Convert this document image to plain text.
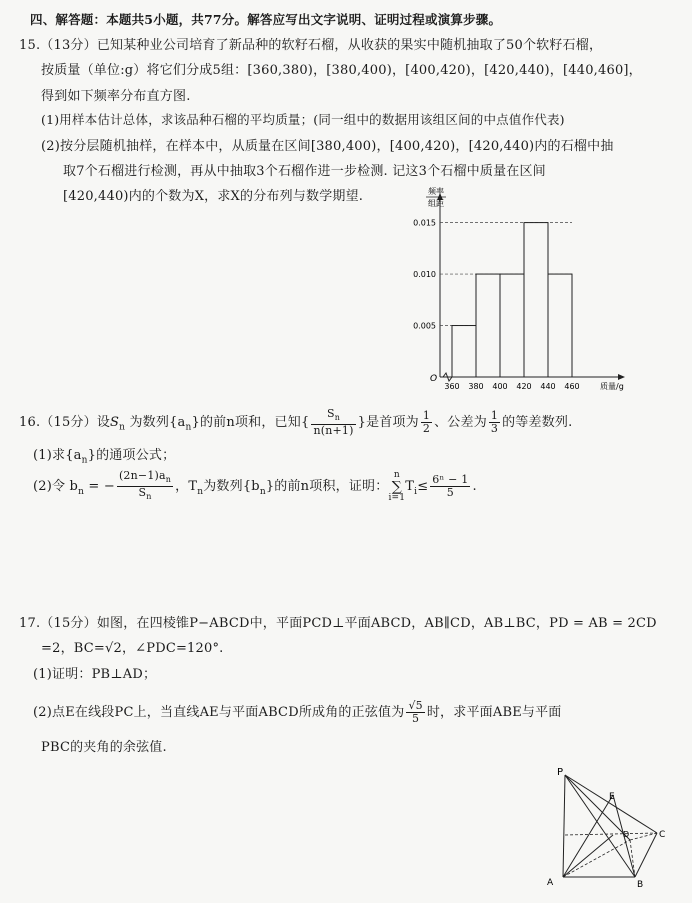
四、解答题：本题共5小题，共77分。解答应写出文字说明、证明过程或演算步骤。
15.（13分）已知某种业公司培育了新品种的软籽石榴，从收获的果实中随机抽取了50个软籽石榴，
按质量（单位:g）将它们分成5组：[360,380)，[380,400)，[400,420)，[420,440)，[440,460]，
得到如下频率分布直方图.
(1)用样本估计总体，求该品种石榴的平均质量；(同一组中的数据用该组区间的中点值作代表)
(2)按分层随机抽样，在样本中，从质量在区间[380,400)，[400,420)，[420,440)内的石榴中抽
取7个石榴进行检测，再从中抽取3个石榴作进一步检测. 记这3个石榴中质量在区间
[420,440)内的个数为X，求X的分布列与数学期望.
0.005
0.010
0.015
360 380 400 420 440 460
O
质量/g
频率
组距
16.（15分）设$S_n$ 为数列$\{a_n\}$的前n项和，已知{ $\frac{S_n}{n(n+1)}$ }是首项为 $\frac{1}{2}$ 、公差为 $\frac{1}{3}$ 的等差数列.
(1)求$\{a_n\}$的通项公式；
(2)令 $b_n$ = − $\frac{(2n-1)a_n}{S_n}$ ，$T_n$为数列$\{b_n\}$的前n项积，证明：
n
∑
i=1
$T_i\le \frac{\text{6ⁿ − 1}}{5}$ .
17.（15分）如图，在四棱锥P−ABCD中，平面PCD⊥平面ABCD，AB∥CD，AB⊥BC，PD = AB = 2CD
=2，BC=√2，∠PDC=120°.
(1)证明：PB⊥AD；
(2)点E在线段PC上，当直线AE与平面ABCD所成角的正弦值为 $\frac{√5}{5}$ 时，求平面ABE与平面
PBC的夹角的余弦值.
P
E
C
D
A	B
